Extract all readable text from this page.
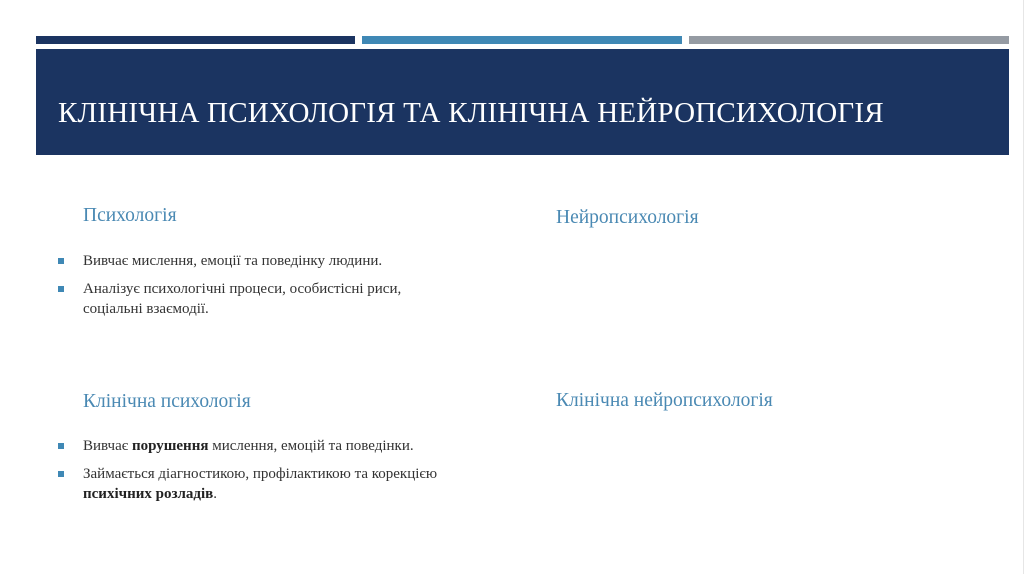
КЛІНІЧНА ПСИХОЛОГІЯ ТА КЛІНІЧНА НЕЙРОПСИХОЛОГІЯ
Психологія
Вивчає мислення, емоції та поведінку людини.
Аналізує психологічні процеси, особистісні риси,
соціальні взаємодії.
Клінічна психологія
Вивчає порушення мислення, емоцій та поведінки.
Займається діагностикою, профілактикою та корекцією
психічних розладів.
Нейропсихологія
Клінічна нейропсихологія
